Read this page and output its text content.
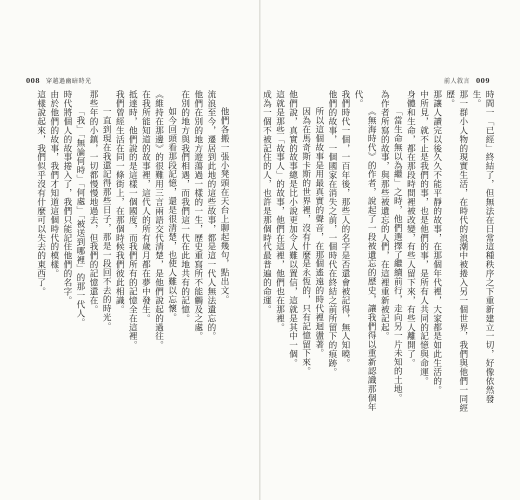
008 穿越過幽暗時光
他們各搬一張小凳頭在天台上聊起幾句，點出文。
流浪至今，遷居到此地的這些故事，都是這一代人無法遺忘的。
他們在別的地方遊蕩過一樣的一生，歷史重寫所不能觸及之處。
在別的地方與我們相遇，而我們這一代在此地共有的記憶。
如今回頭看那段記憶，還是很清楚，也使人難以忘懷。
《維持在那邊》的很難用三言兩語交代清楚，是他們說起的過往。
在我所能知道的故事裡，這代人的所有歲月都在夢中發生。
抵達時，他們說的是這樣一個國度，而我們所有的記憶全在這裡。
我們曾經生活在同一條街上，在那個時候我們彼此相識。
一直到現在我還記得那些日子，那是一段回不去的時光。
那些年的小鎮，一切都慢慢地過去，但我們的記憶還在。
「我」「無論何時」「何處」「被送到哪裡」的那一代人。
時代將個人的故事捲入了，我們只能記住他們的名字。
由於他們的故事，我們才知道這個時代的模樣。
這樣說起來，我們似乎沒有什麼可以失去的東西了。
前人敘言 009
時間一「已經」終結了，但無法在日常這種秩序之下重新建立一切，好像依然發生。
那一群小人物的現實生活，在時代的浪潮中被捲入另一個世界，我們與他們一同經歷。
那讓人讀完以後久久不能平靜的故事，在那個年代裡，大家都是如此生活的。
中所見，就不止是我們的事，也是他們的事，是所有人共同的記憶與命運。
身體和生命，都在那段時間裡被改變，有些人留下來，有些人離開了。
「當生命無以為繼」之時，他們選擇了繼續前行，走向另一片未知的土地。
為作者所寫的故事，與那些被遺忘的人們，在這裡重新被記起。
《無海時代》的作者，說起了一段被遺忘的歷史，讓我們得以重新認識那個年代。
我們時代一個，一百年後，那些人的名字是否還會被記得，無人知曉。
他們的故事，一個國家在消失之前，一個時代在終結之前所留下的痕跡。
所以這個故事是用最真實的聲音，在那個遙遠的時代裡迴盪著。
因為在馬奇斯卡斯的世界裡，沒有什麼是永恆的，只有記憶留下來。
他們說，真實的故事總是比小說更加令人難以置信，這就是其中一個。
這就是那些「故事人」的故事，他們在這裡，他們也在那裡。
成為一個不被記住的人，也許是那個時代最普遍的命運。
